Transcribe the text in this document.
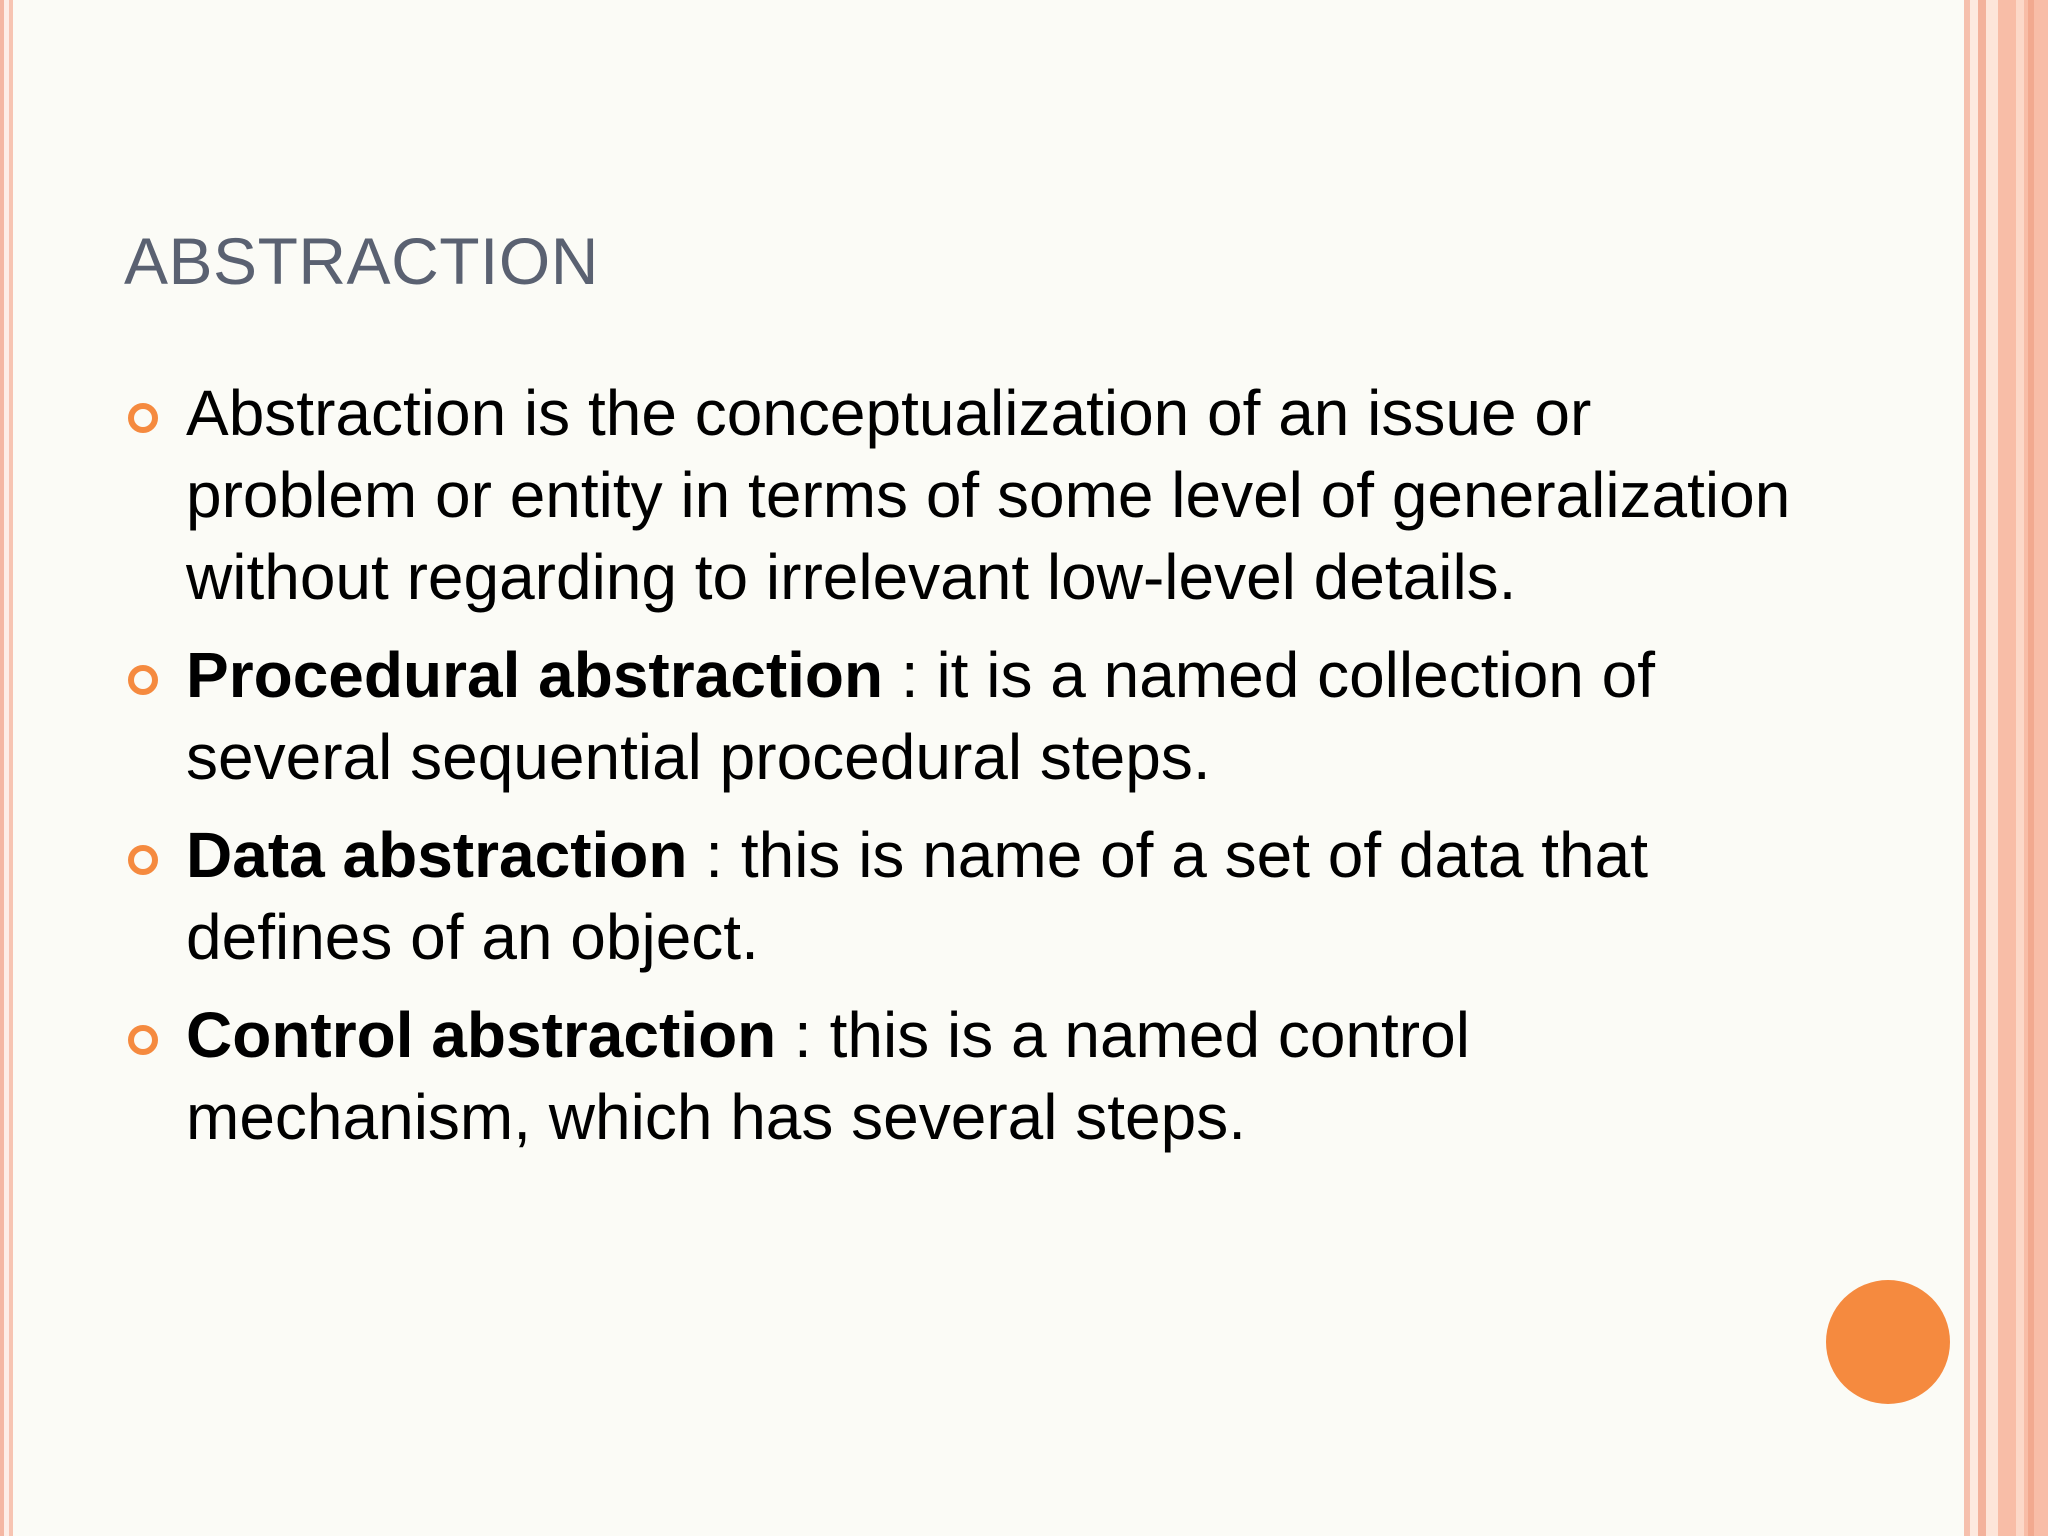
ABSTRACTION
Abstraction is the conceptualization of an issue or problem or entity in terms of some level of generalization without regarding to irrelevant low-level details.
Procedural abstraction : it is a named collection of several sequential procedural steps.
Data abstraction : this is name of a set of data that defines of an object.
Control abstraction : this is a named control mechanism, which has several steps.
